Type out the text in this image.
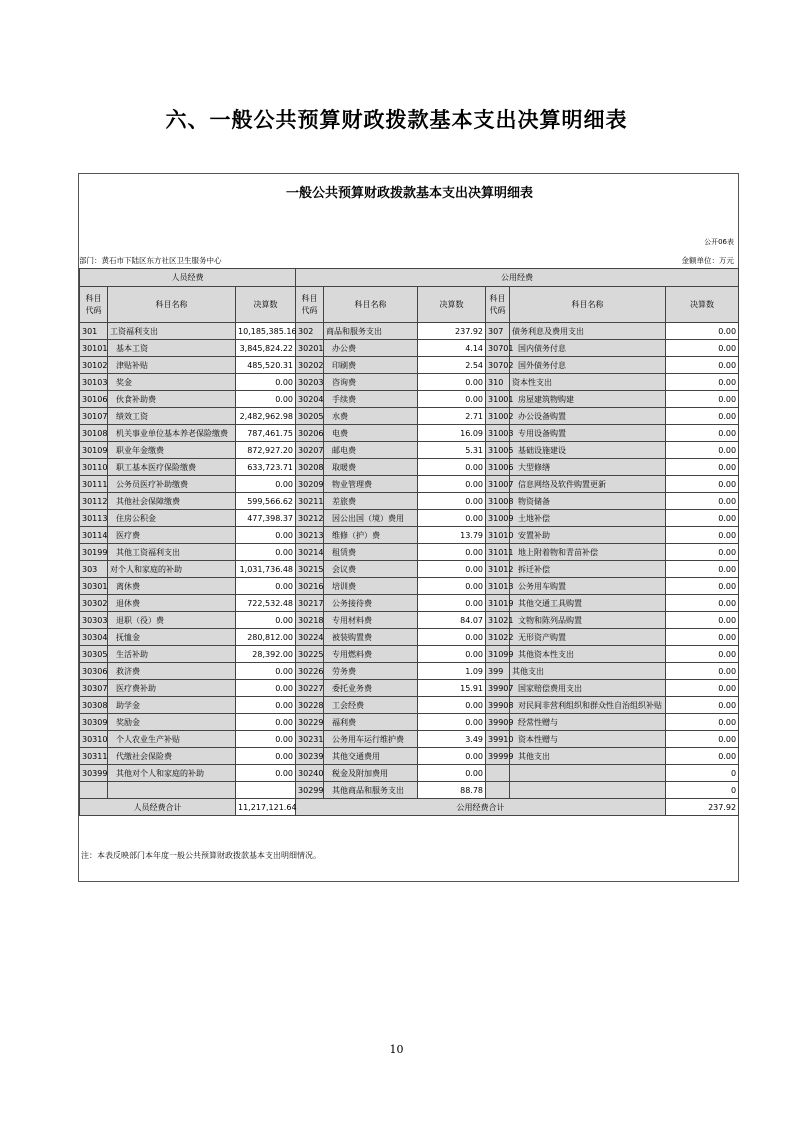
六、一般公共预算财政拨款基本支出决算明细表
一般公共预算财政拨款基本支出决算明细表
公开06表
部门：黄石市下陆区东方社区卫生服务中心	金额单位：万元
人员经费			公用经费					
科目代码	科目名称	决算数	科目代码	科目名称	决算数	科目代码	科目名称	决算数
301	工资福利支出	10,185,385.16	302	商品和服务支出	237.92	307	债务利息及费用支出	0.00
30101	基本工资	3,845,824.22	30201	办公费	4.14	30701	国内债务付息	0.00
30102	津贴补贴	485,520.31	30202	印刷费	2.54	30702	国外债务付息	0.00
30103	奖金	0.00	30203	咨询费	0.00	310	资本性支出	0.00
30106	伙食补助费	0.00	30204	手续费	0.00	31001	房屋建筑物购建	0.00
30107	绩效工资	2,482,962.98	30205	水费	2.71	31002	办公设备购置	0.00
30108	机关事业单位基本养老保险缴费	787,461.75	30206	电费	16.09	31003	专用设备购置	0.00
30109	职业年金缴费	872,927.20	30207	邮电费	5.31	31005	基础设施建设	0.00
30110	职工基本医疗保险缴费	633,723.71	30208	取暖费	0.00	31006	大型修缮	0.00
30111	公务员医疗补助缴费	0.00	30209	物业管理费	0.00	31007	信息网络及软件购置更新	0.00
30112	其他社会保障缴费	599,566.62	30211	差旅费	0.00	31008	物资储备	0.00
30113	住房公积金	477,398.37	30212	因公出国（境）费用	0.00	31009	土地补偿	0.00
30114	医疗费	0.00	30213	维修（护）费	13.79	31010	安置补助	0.00
30199	其他工资福利支出	0.00	30214	租赁费	0.00	31011	地上附着物和青苗补偿	0.00
303	对个人和家庭的补助	1,031,736.48	30215	会议费	0.00	31012	拆迁补偿	0.00
30301	离休费	0.00	30216	培训费	0.00	31013	公务用车购置	0.00
30302	退休费	722,532.48	30217	公务接待费	0.00	31019	其他交通工具购置	0.00
30303	退职（役）费	0.00	30218	专用材料费	84.07	31021	文物和陈列品购置	0.00
30304	抚恤金	280,812.00	30224	被装购置费	0.00	31022	无形资产购置	0.00
30305	生活补助	28,392.00	30225	专用燃料费	0.00	31099	其他资本性支出	0.00
30306	救济费	0.00	30226	劳务费	1.09	399	其他支出	0.00
30307	医疗费补助	0.00	30227	委托业务费	15.91	39907	国家赔偿费用支出	0.00
30308	助学金	0.00	30228	工会经费	0.00	39908	对民间非营利组织和群众性自治组织补贴	0.00
30309	奖励金	0.00	30229	福利费	0.00	39909	经常性赠与	0.00
30310	个人农业生产补贴	0.00	30231	公务用车运行维护费	3.49	39910	资本性赠与	0.00
30311	代缴社会保险费	0.00	30239	其他交通费用	0.00	39999	其他支出	0.00
30399	其他对个人和家庭的补助	0.00	30240	税金及附加费用	0.00			0
			30299	其他商品和服务支出	88.78			0
人员经费合计		11,217,121.64	公用经费合计					237.92
注：本表反映部门本年度一般公共预算财政拨款基本支出明细情况。
10
